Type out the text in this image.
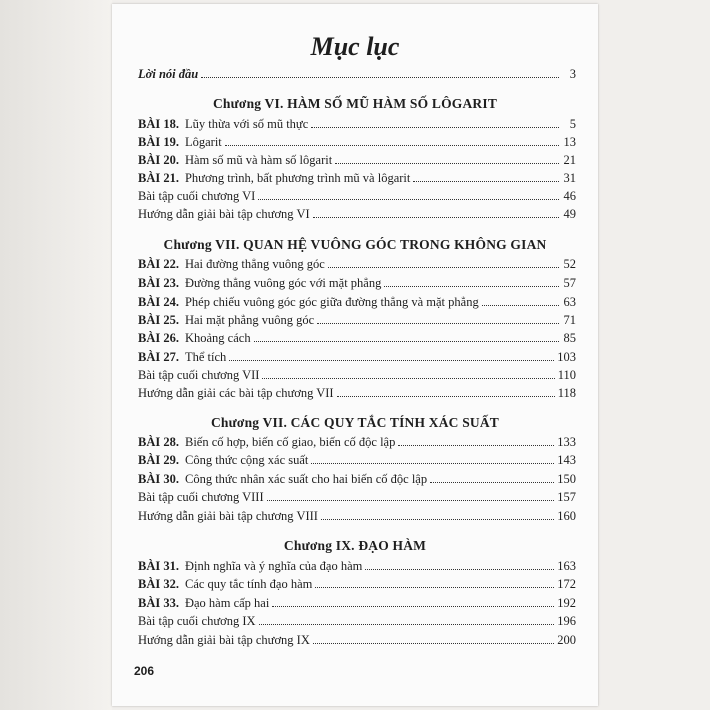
Mục lục
Lời nói đầu	3
Chương VI. HÀM SỐ MŨ HÀM SỐ LÔGARIT
BÀI 18. Lũy thừa với số mũ thực	5
BÀI 19. Lôgarit	13
BÀI 20. Hàm số mũ và hàm số lôgarit	21
BÀI 21. Phương trình, bất phương trình mũ và lôgarit	31
Bài tập cuối chương VI	46
Hướng dẫn giải bài tập chương VI	49
Chương VII. QUAN HỆ VUÔNG GÓC TRONG KHÔNG GIAN
BÀI 22. Hai đường thẳng vuông góc	52
BÀI 23. Đường thẳng vuông góc với mặt phẳng	57
BÀI 24. Phép chiếu vuông góc góc giữa đường thẳng và mặt phẳng	63
BÀI 25. Hai mặt phẳng vuông góc	71
BÀI 26. Khoảng cách	85
BÀI 27. Thể tích	103
Bài tập cuối chương VII	110
Hướng dẫn giải các bài tập chương VII	118
Chương VII. CÁC QUY TẮC TÍNH XÁC SUẤT
BÀI 28. Biến cố hợp, biến cố giao, biến cố độc lập	133
BÀI 29. Công thức cộng xác suất	143
BÀI 30. Công thức nhân xác suất cho hai biến cố độc lập	150
Bài tập cuối chương VIII	157
Hướng dẫn giải bài tập chương VIII	160
Chương IX. ĐẠO HÀM
BÀI 31. Định nghĩa và ý nghĩa của đạo hàm	163
BÀI 32. Các quy tắc tính đạo hàm	172
BÀI 33. Đạo hàm cấp hai	192
Bài tập cuối chương IX	196
Hướng dẫn giải bài tập chương IX	200
206
